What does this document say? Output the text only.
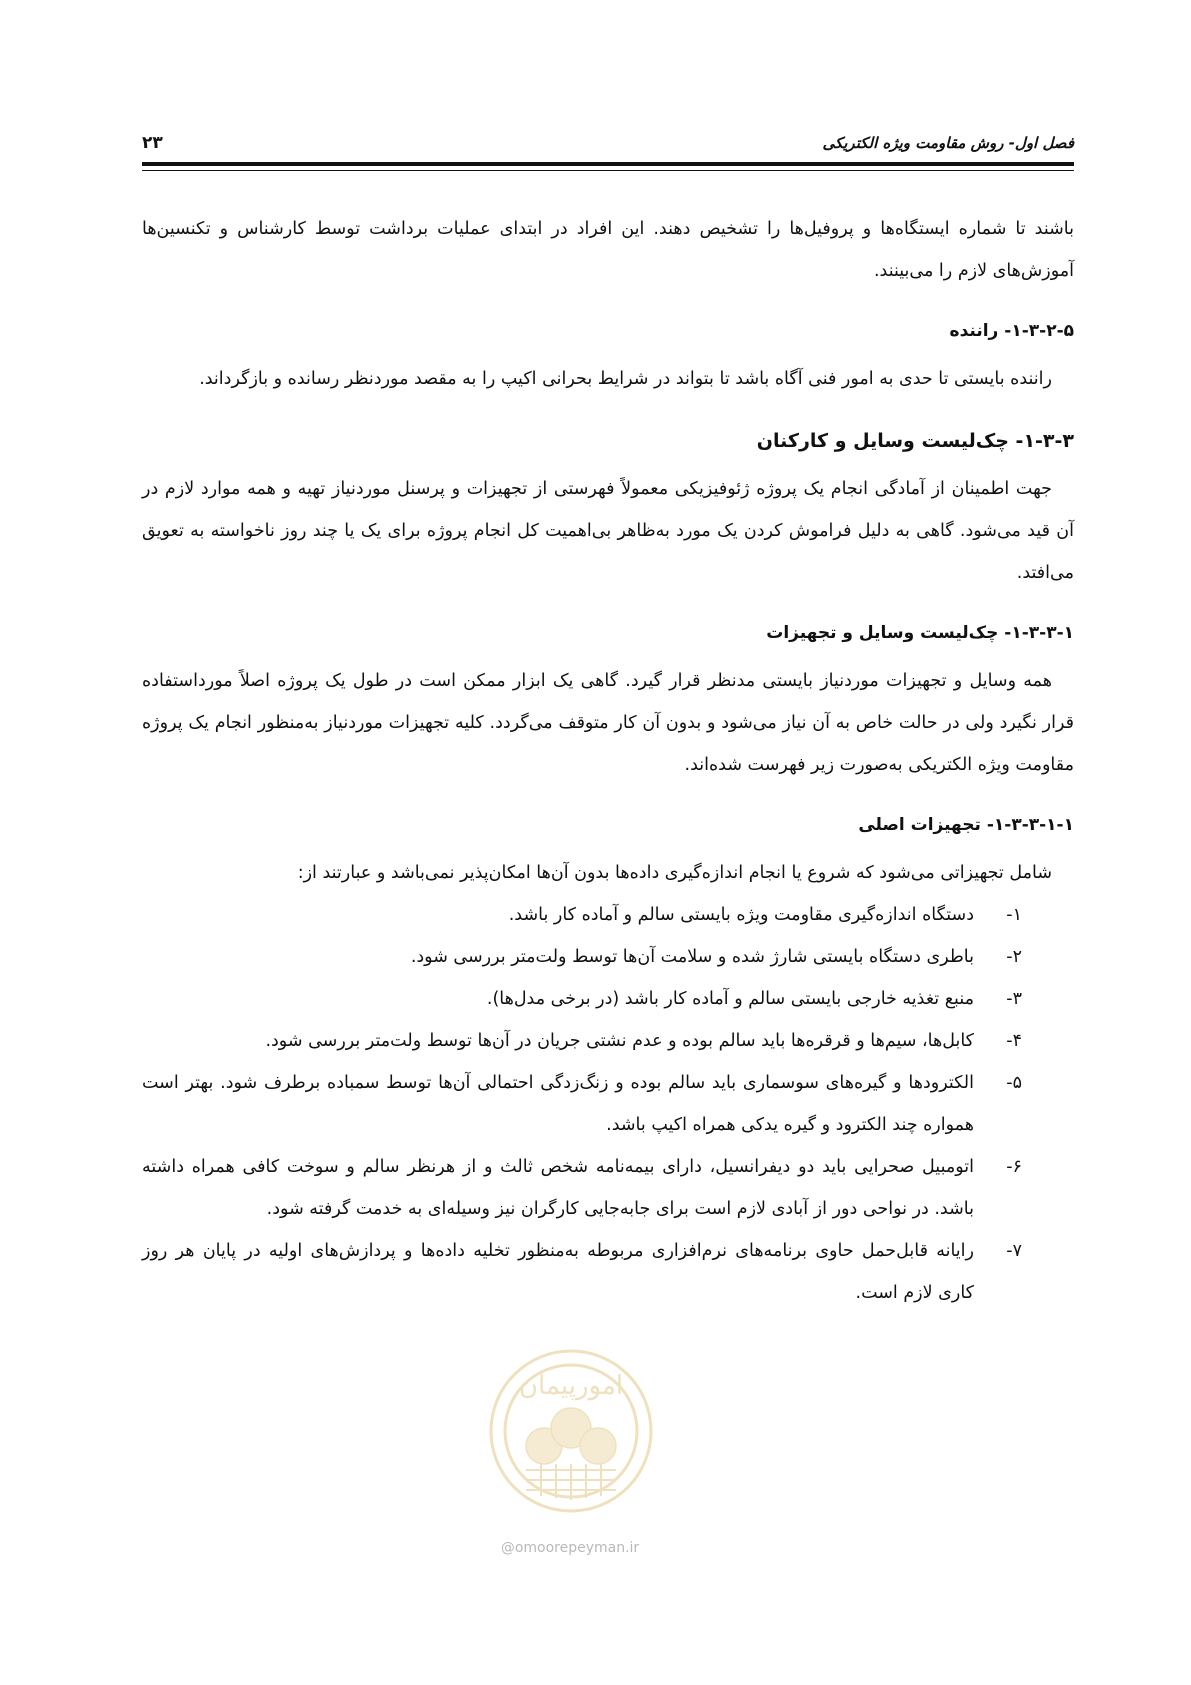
فصل اول- روش مقاومت ویژه الکتریکی
۲۳

باشند تا شماره ایستگاه‌ها و پروفیل‌ها را تشخیص دهند. این افراد در ابتدای عملیات برداشت توسط کارشناس و تکنسین‌ها آموزش‌های لازم را می‌بینند.

۱-۳-۲-۵- راننده

راننده بایستی تا حدی به امور فنی آگاه باشد تا بتواند در شرایط بحرانی اکیپ را به مقصد موردنظر رسانده و بازگرداند.

۱-۳-۳- چک‌لیست وسایل و کارکنان

جهت اطمینان از آمادگی انجام یک پروژه ژئوفیزیکی معمولاً فهرستی از تجهیزات و پرسنل موردنیاز تهیه و همه موارد لازم در آن قید می‌شود. گاهی به دلیل فراموش کردن یک مورد به‌ظاهر بی‌اهمیت کل انجام پروژه برای یک یا چند روز ناخواسته به تعویق می‌افتد.

۱-۳-۳-۱- چک‌لیست وسایل و تجهیزات

همه وسایل و تجهیزات موردنیاز بایستی مدنظر قرار گیرد. گاهی یک ابزار ممکن است در طول یک پروژه اصلاً مورداستفاده قرار نگیرد ولی در حالت خاص به آن نیاز می‌شود و بدون آن کار متوقف می‌گردد. کلیه تجهیزات موردنیاز به‌منظور انجام یک پروژه مقاومت ویژه الکتریکی به‌صورت زیر فهرست شده‌اند.

۱-۳-۳-۱-۱- تجهیزات اصلی

شامل تجهیزاتی می‌شود که شروع یا انجام اندازه‌گیری داده‌ها بدون آن‌ها امکان‌پذیر نمی‌باشد و عبارتند از:

۱-
دستگاه اندازه‌گیری مقاومت ویژه بایستی سالم و آماده کار باشد.
۲-
باطری دستگاه بایستی شارژ شده و سلامت آن‌ها توسط ولت‌متر بررسی شود.
۳-
منبع تغذیه خارجی بایستی سالم و آماده کار باشد (در برخی مدل‌ها).
۴-
کابل‌ها، سیم‌ها و قرقره‌ها باید سالم بوده و عدم نشتی جریان در آن‌ها توسط ولت‌متر بررسی شود.
۵-
الکترودها و گیره‌های سوسماری باید سالم بوده و زنگ‌زدگی احتمالی آن‌ها توسط سمباده برطرف شود. بهتر است همواره چند الکترود و گیره یدکی همراه اکیپ باشد.
۶-
اتومبیل صحرایی باید دو دیفرانسیل، دارای بیمه‌نامه شخص ثالث و از هرنظر سالم و سوخت کافی همراه داشته باشد. در نواحی دور از آبادی لازم است برای جابه‌جایی کارگران نیز وسیله‌ای به خدمت گرفته شود.
۷-
رایانه قابل‌حمل حاوی برنامه‌های نرم‌افزاری مربوطه به‌منظور تخلیه داده‌ها و پردازش‌های اولیه در پایان هر روز کاری لازم است.
امورپیمان
@omoorepeyman.ir
